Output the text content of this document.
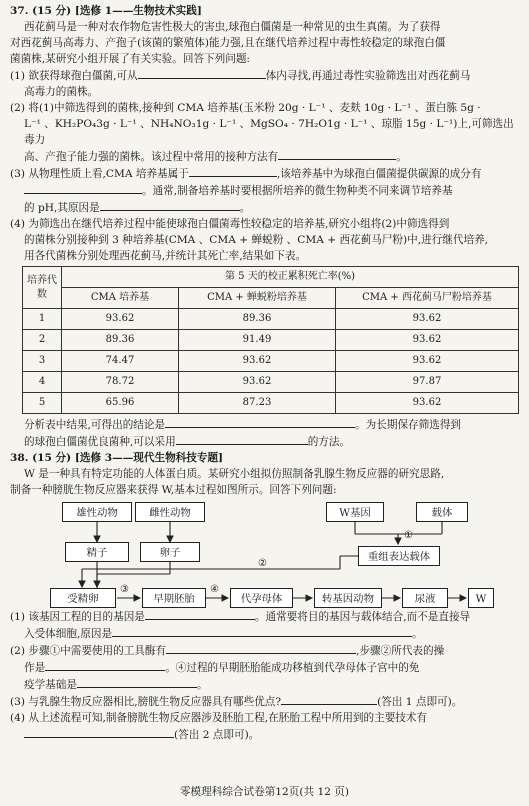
37. (15 分) [选修 1——生物技术实践]

西花蓟马是一种对农作物危害性极大的害虫,球孢白僵菌是一种常见的虫生真菌。为了获得

对西花蓟马高毒力、产孢子(该菌的繁殖体)能力强,且在继代培养过程中毒性较稳定的球孢白僵

菌菌株,某研究小组开展了有关实验。回答下列问题:

(1) 欲获得球孢白僵菌,可从	体内寻找,再通过毒性实验筛选出对西花蓟马

高毒力的菌株。

(2) 将(1)中筛选得到的菌株,接种到 CMA 培养基(玉米粉 20g · L⁻¹ 、麦麸 10g · L⁻¹ 、蛋白胨 5g ·

L⁻¹ 、KH₂PO₄3g · L⁻¹ 、NH₄NO₃1g · L⁻¹ 、MgSO₄ · 7H₂O1g · L⁻¹ 、琼脂 15g · L⁻¹)上,可筛选出毒力

高、产孢子能力强的菌株。该过程中常用的接种方法有	。

(3) 从物理性质上看,CMA 培养基属于	,该培养基中为球孢白僵菌提供碳源的成分有

。通常,制备培养基时要根据所培养的微生物种类不同来调节培养基

的 pH,其原因是	。

(4) 为筛选出在继代培养过程中能使球孢白僵菌毒性较稳定的培养基,研究小组将(2)中筛选得到

的菌株分别接种到 3 种培养基(CMA 、CMA + 蝉蜕粉 、CMA + 西花蓟马尸粉)中,进行继代培养,

用各代菌株分别处理西花蓟马,并统计其死亡率,结果如下表。

培养代数	第 5 天的校正累积死亡率(%)		
	CMA 培养基	CMA + 蝉蜕粉培养基	CMA + 西花蓟马尸粉培养基
1	93.62	89.36	93.62
2	89.36	91.49	93.62
3	74.47	93.62	93.62
4	78.72	93.62	97.87
5	65.96	87.23	93.62

分析表中结果,可得出的结论是	。为长期保存筛选得到

的球孢白僵菌优良菌种,可以采用	的方法。

38. (15 分) [选修 3——现代生物科技专题]

W 是一种具有特定功能的人体蛋白质。某研究小组拟仿照制备乳腺生物反应器的研究思路,

制备一种膀胱生物反应器来获得 W,基本过程如图所示。回答下列问题:

雄性动物	雌性动物
精子	卵子
W基因	载体
①
重组表达载体
②
受精卵
③
早期胚胎
④
代孕母体	转基因动物	尿液	W

(1) 该基因工程的目的基因是	。通常要将目的基因与载体结合,而不是直接导

入受体细胞,原因是	。

(2) 步骤①中需要使用的工具酶有	,步骤②所代表的操

作是	。④过程的早期胚胎能成功移植到代孕母体子宫中的免

疫学基础是	。

(3) 与乳腺生物反应器相比,膀胱生物反应器具有哪些优点?	(答出 1 点即可)。

(4) 从上述流程可知,制备膀胱生物反应器涉及胚胎工程,在胚胎工程中所用到的主要技术有

(答出 2 点即可)。

零模理科综合试卷第12页(共 12 页)
